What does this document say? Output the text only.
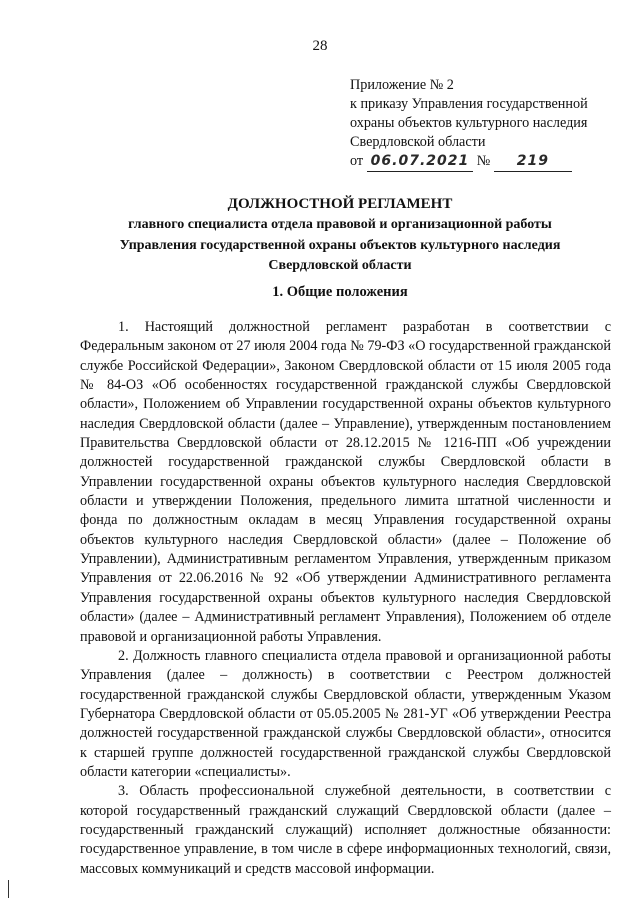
28
Приложение № 2
к приказу Управления государственной
охраны объектов культурного наследия
Свердловской области
от 06.07.2021 № 219
ДОЛЖНОСТНОЙ РЕГЛАМЕНТ
главного специалиста отдела правовой и организационной работы
Управления государственной охраны объектов культурного наследия
Свердловской области
1. Общие положения

1. Настоящий должностной регламент разработан в соответствии с Федеральным законом от 27 июля 2004 года № 79-ФЗ «О государственной гражданской службе Российской Федерации», Законом Свердловской области от 15 июля 2005 года № 84-ОЗ «Об особенностях государственной гражданской службы Свердловской области», Положением об Управлении государственной охраны объектов культурного наследия Свердловской области (далее – Управление), утвержденным постановлением Правительства Свердловской области от 28.12.2015 № 1216-ПП «Об учреждении должностей государственной гражданской службы Свердловской области в Управлении государственной охраны объектов культурного наследия Свердловской области и утверждении Положения, предельного лимита штатной численности и фонда по должностным окладам в месяц Управления государственной охраны объектов культурного наследия Свердловской области» (далее – Положение об Управлении), Административным регламентом Управления, утвержденным приказом Управления от 22.06.2016 № 92 «Об утверждении Административного регламента Управления государственной охраны объектов культурного наследия Свердловской области» (далее – Административный регламент Управления), Положением об отделе правовой и организационной работы Управления.

2. Должность главного специалиста отдела правовой и организационной работы Управления (далее – должность) в соответствии с Реестром должностей государственной гражданской службы Свердловской области, утвержденным Указом Губернатора Свердловской области от 05.05.2005 № 281-УГ «Об утверждении Реестра должностей государственной гражданской службы Свердловской области», относится к старшей группе должностей государственной гражданской службы Свердловской области категории «специалисты».

3. Область профессиональной служебной деятельности, в соответствии с которой государственный гражданский служащий Свердловской области (далее – государственный гражданский служащий) исполняет должностные обязанности: государственное управление, в том числе в сфере информационных технологий, связи, массовых коммуникаций и средств массовой информации.
